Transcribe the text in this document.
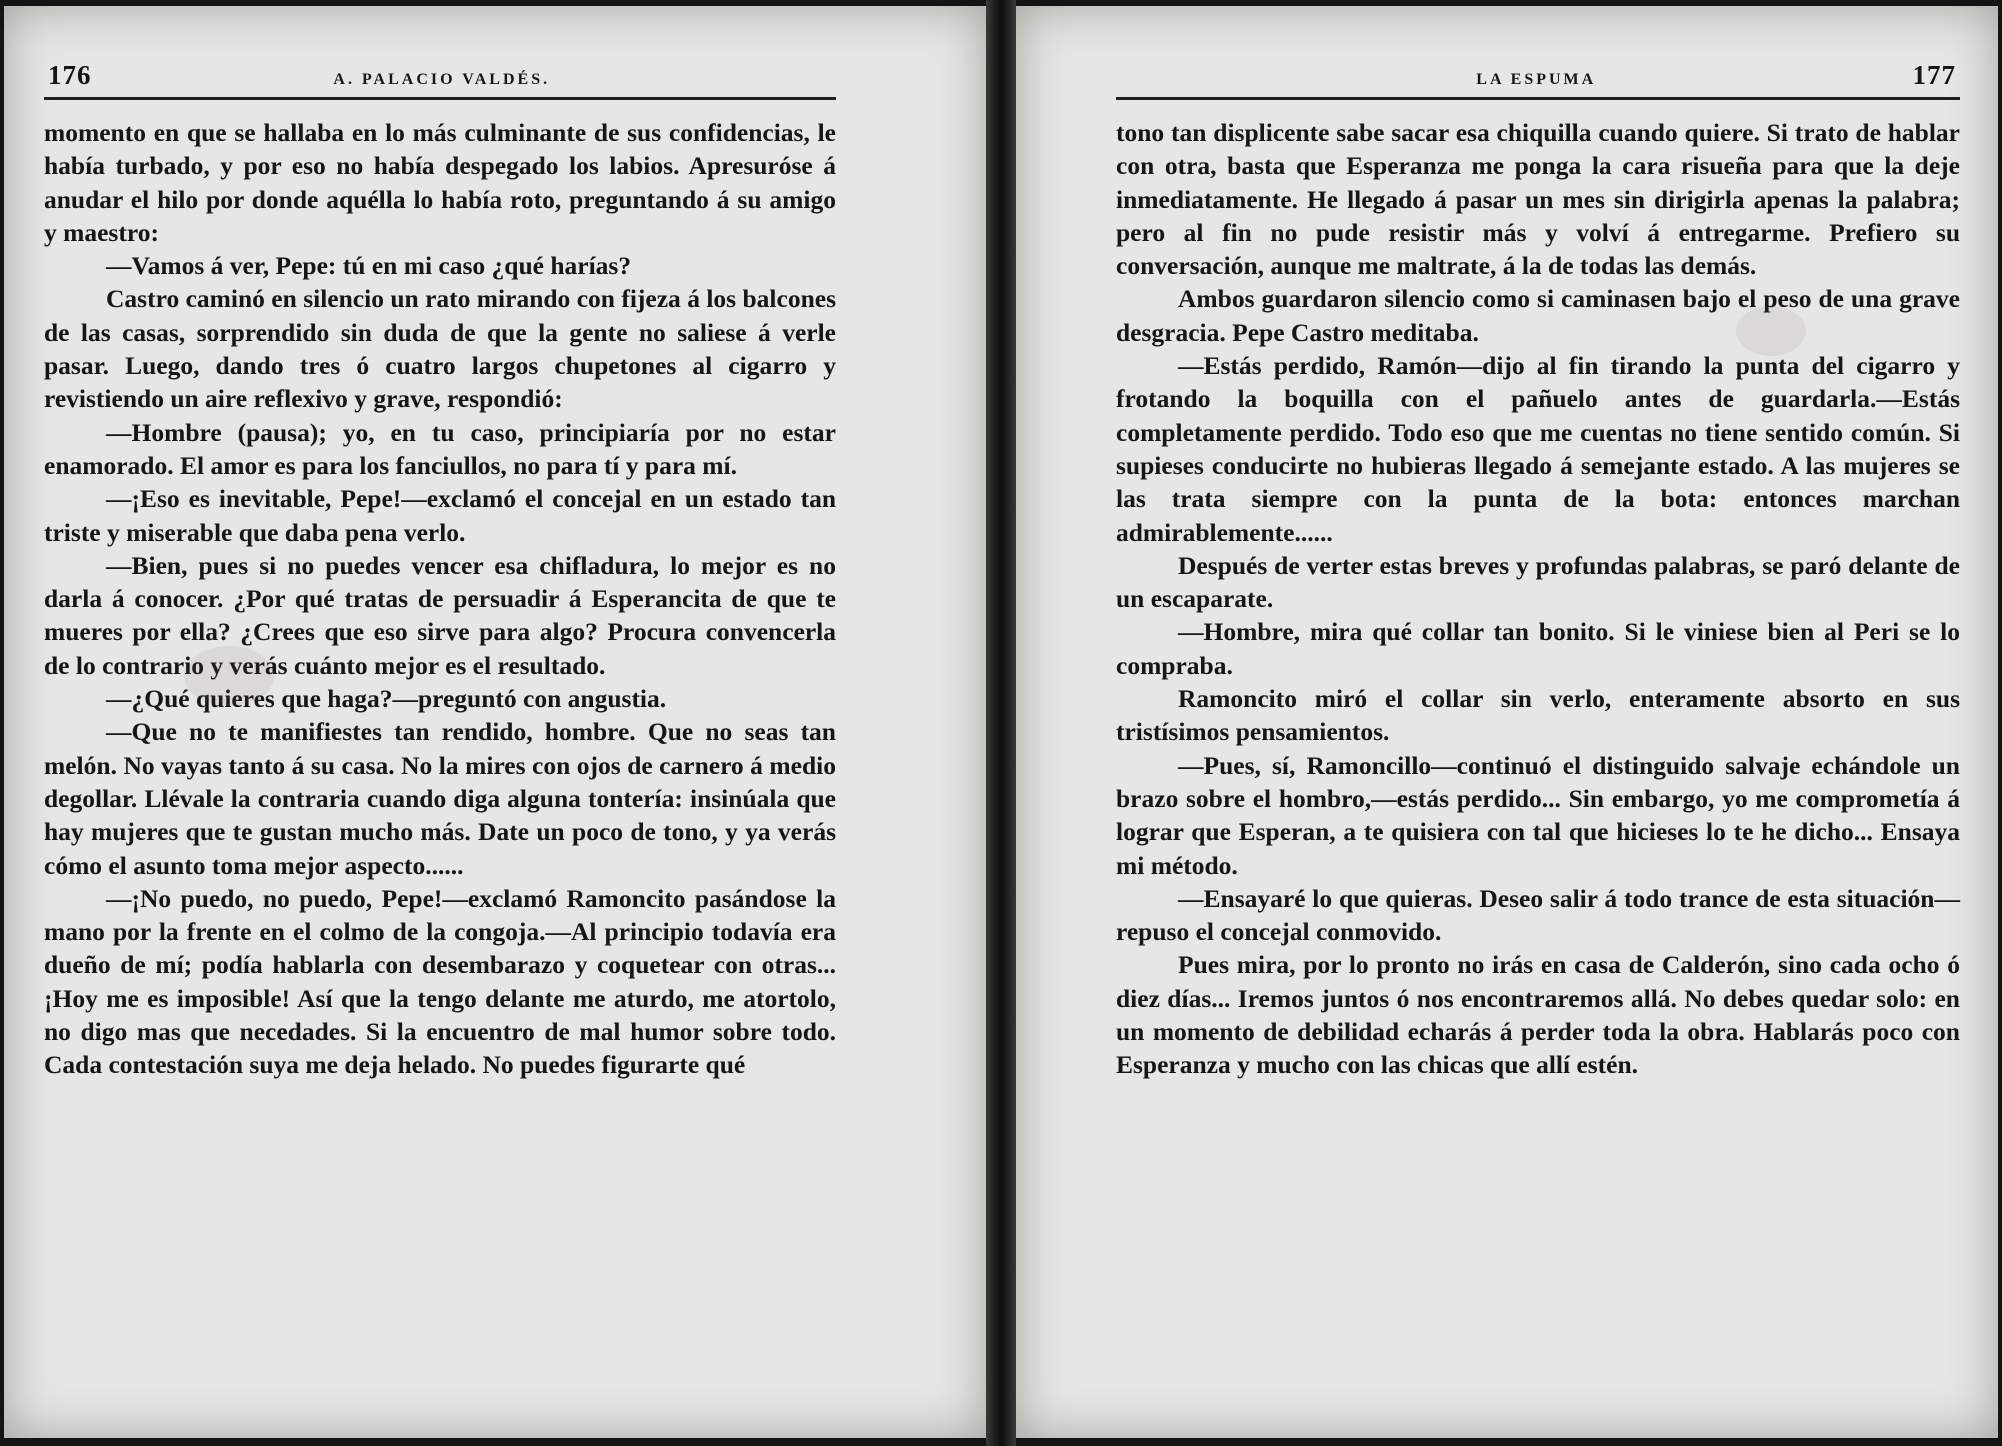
176	A. PALACIO VALDÉS.

momento en que se hallaba en lo más culminante de sus confidencias, le había turbado, y por eso no había despegado los labios. Apresuróse á anudar el hilo por donde aquélla lo había roto, preguntando á su amigo y maestro:

—Vamos á ver, Pepe: tú en mi caso ¿qué harías?

Castro caminó en silencio un rato mirando con fijeza á los balcones de las casas, sorprendido sin duda de que la gente no saliese á verle pasar. Luego, dando tres ó cuatro largos chupetones al cigarro y revistiendo un aire reflexivo y grave, respondió:

—Hombre (pausa); yo, en tu caso, principiaría por no estar enamorado. El amor es para los fanciullos, no para tí y para mí.

—¡Eso es inevitable, Pepe!—exclamó el concejal en un estado tan triste y miserable que daba pena verlo.

—Bien, pues si no puedes vencer esa chifladura, lo mejor es no darla á conocer. ¿Por qué tratas de persuadir á Esperancita de que te mueres por ella? ¿Crees que eso sirve para algo? Procura convencerla de lo contrario y verás cuánto mejor es el resultado.

—¿Qué quieres que haga?—preguntó con angustia.

—Que no te manifiestes tan rendido, hombre. Que no seas tan melón. No vayas tanto á su casa. No la mires con ojos de carnero á medio degollar. Llévale la contraria cuando diga alguna tontería: insinúala que hay mujeres que te gustan mucho más. Date un poco de tono, y ya verás cómo el asunto toma mejor aspecto......

—¡No puedo, no puedo, Pepe!—exclamó Ramoncito pasándose la mano por la frente en el colmo de la congoja.—Al principio todavía era dueño de mí; podía hablarla con desembarazo y coquetear con otras... ¡Hoy me es imposible! Así que la tengo delante me aturdo, me atortolo, no digo mas que necedades. Si la encuentro de mal humor sobre todo. Cada contestación suya me deja helado. No puedes figurarte qué

LA ESPUMA	177

tono tan displicente sabe sacar esa chiquilla cuando quiere. Si trato de hablar con otra, basta que Esperanza me ponga la cara risueña para que la deje inmediatamente. He llegado á pasar un mes sin dirigirla apenas la palabra; pero al fin no pude resistir más y volví á entregarme. Prefiero su conversación, aunque me maltrate, á la de todas las demás.

Ambos guardaron silencio como si caminasen bajo el peso de una grave desgracia. Pepe Castro meditaba.

—Estás perdido, Ramón—dijo al fin tirando la punta del cigarro y frotando la boquilla con el pañuelo antes de guardarla.—Estás completamente perdido. Todo eso que me cuentas no tiene sentido común. Si supieses conducirte no hubieras llegado á semejante estado. A las mujeres se las trata siempre con la punta de la bota: entonces marchan admirablemente......

Después de verter estas breves y profundas palabras, se paró delante de un escaparate.

—Hombre, mira qué collar tan bonito. Si le viniese bien al Peri se lo compraba.

Ramoncito miró el collar sin verlo, enteramente absorto en sus tristísimos pensamientos.

—Pues, sí, Ramoncillo—continuó el distinguido salvaje echándole un brazo sobre el hombro,—estás perdido... Sin embargo, yo me comprometía á lograr que Esperan, a te quisiera con tal que hicieses lo te he dicho... Ensaya mi método.

—Ensayaré lo que quieras. Deseo salir á todo trance de esta situación—repuso el concejal conmovido.

Pues mira, por lo pronto no irás en casa de Calderón, sino cada ocho ó diez días... Iremos juntos ó nos encontraremos allá. No debes quedar solo: en un momento de debilidad echarás á perder toda la obra. Hablarás poco con Esperanza y mucho con las chicas que allí estén.
